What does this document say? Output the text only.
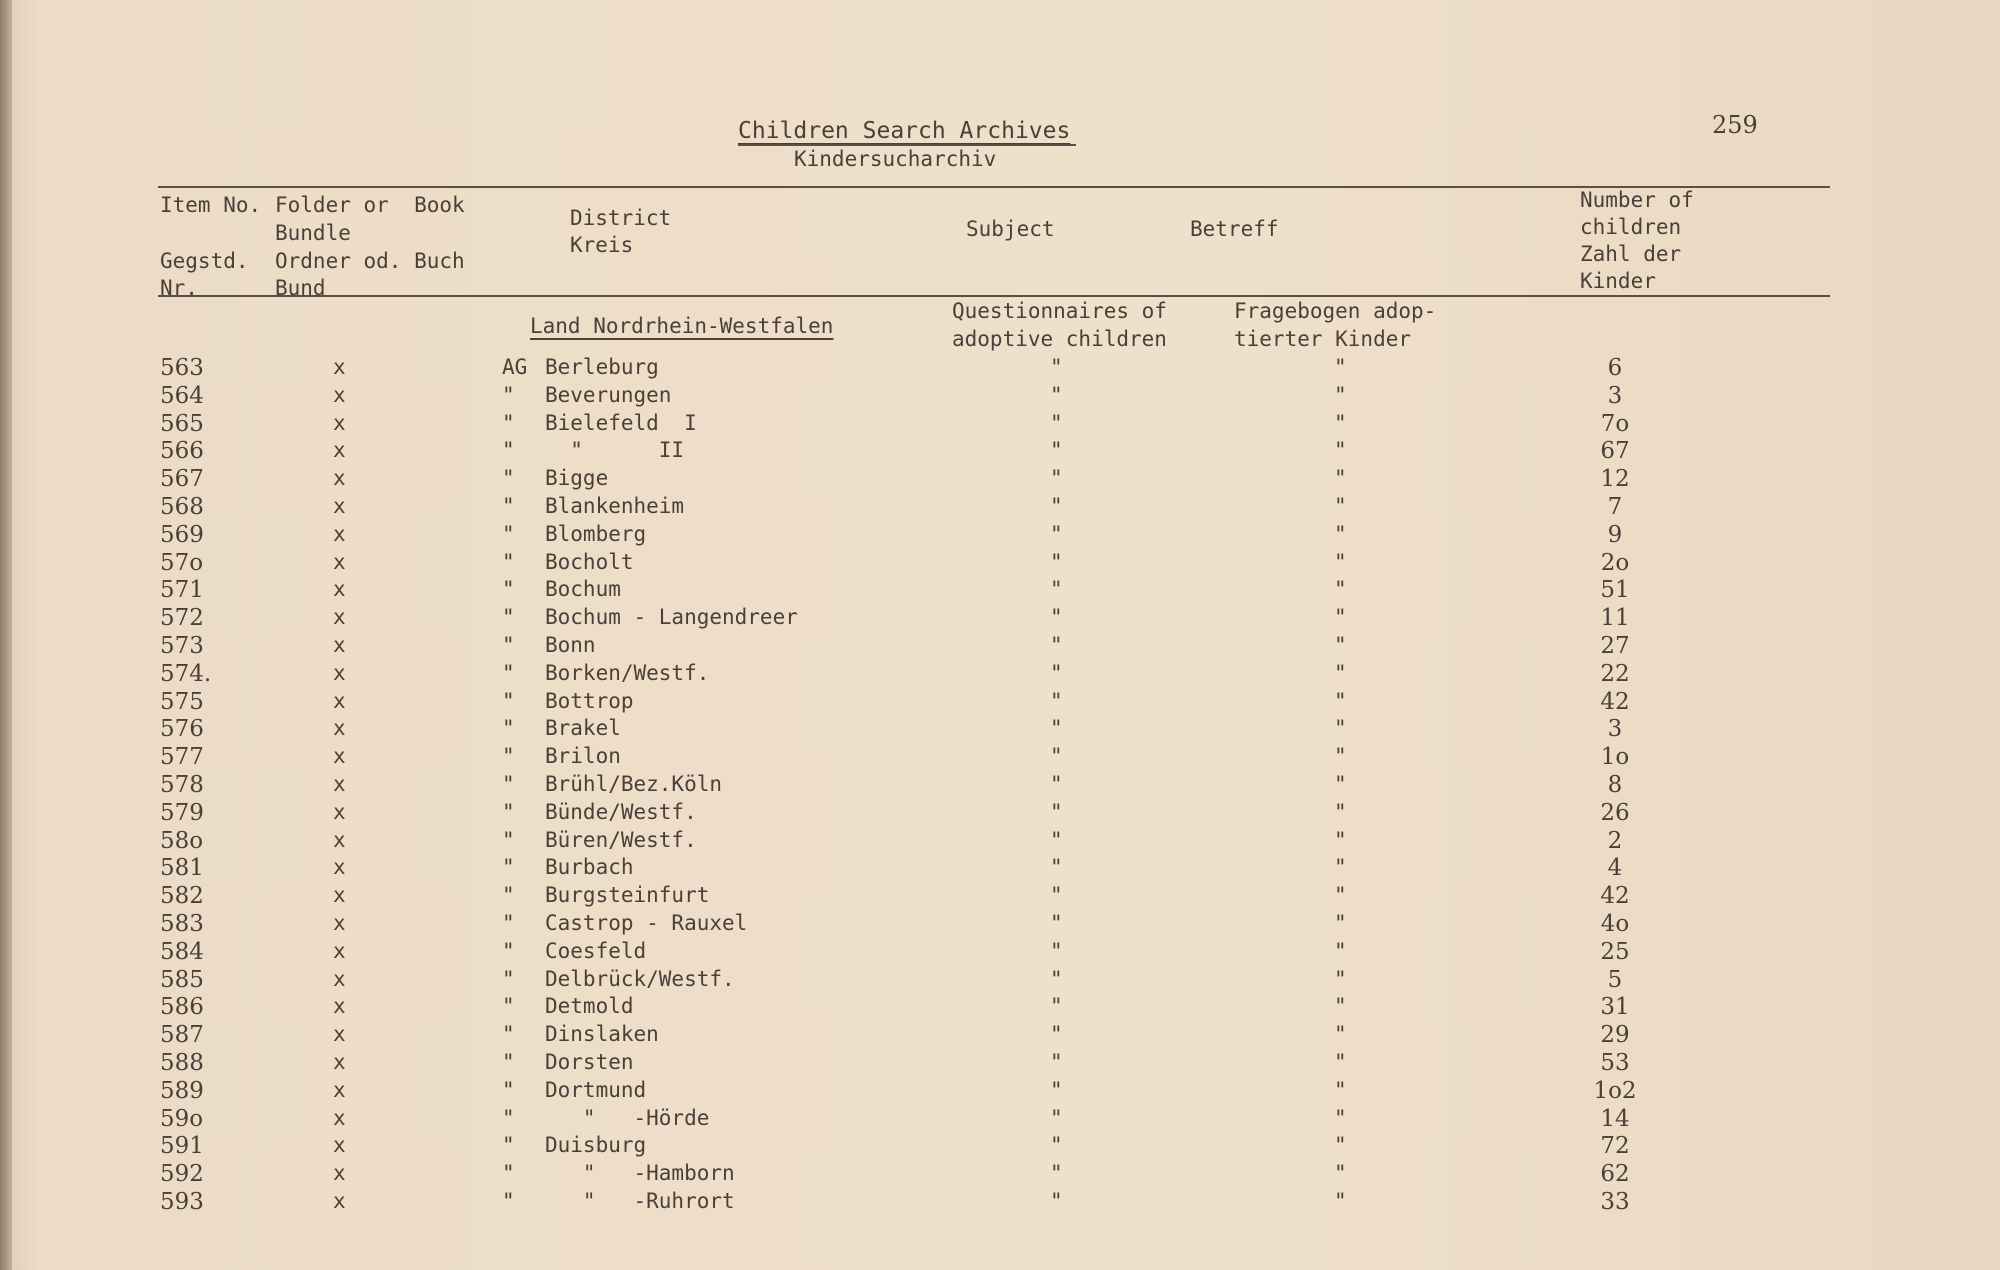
Children Search Archives
Kindersucharchiv
259
Item No.
Gegstd.
Nr.
Folder or  Book
Bundle
Ordner od. Buch
Bund
District
Kreis
Subject	Betreff
Number of
children
Zahl der
Kinder
Land Nordrhein-Westfalen
Questionnaires of
adoptive children
Fragebogen adop-
tierter Kinder
563	x	AG Berleburg	"	"	6
564	x	" Beverungen	"	"	3
565	x	" Bielefeld  I	"	"	7o
566	x	" "      II	"	"	67
567	x	" Bigge	"	"	12
568	x	" Blankenheim	"	"	7
569	x	" Blomberg	"	"	9
57o	x	" Bocholt	"	"	2o
571	x	" Bochum	"	"	51
572	x	" Bochum - Langendreer	"	"	11
573	x	" Bonn	"	"	27
574.	x	" Borken/Westf.	"	"	22
575	x	" Bottrop	"	"	42
576	x	" Brakel	"	"	3
577	x	" Brilon	"	"	1o
578	x	" Brühl/Bez.Köln	"	"	8
579	x	" Bünde/Westf.	"	"	26
58o	x	" Büren/Westf.	"	"	2
581	x	" Burbach	"	"	4
582	x	" Burgsteinfurt	"	"	42
583	x	" Castrop - Rauxel	"	"	4o
584	x	" Coesfeld	"	"	25
585	x	" Delbrück/Westf.	"	"	5
586	x	" Detmold	"	"	31
587	x	" Dinslaken	"	"	29
588	x	" Dorsten	"	"	53
589	x	" Dortmund	"	"	1o2
59o	x	" "   -Hörde	"	"	14
591	x	" Duisburg	"	"	72
592	x	" "   -Hamborn	"	"	62
593	x	" "   -Ruhrort	"	"	33
